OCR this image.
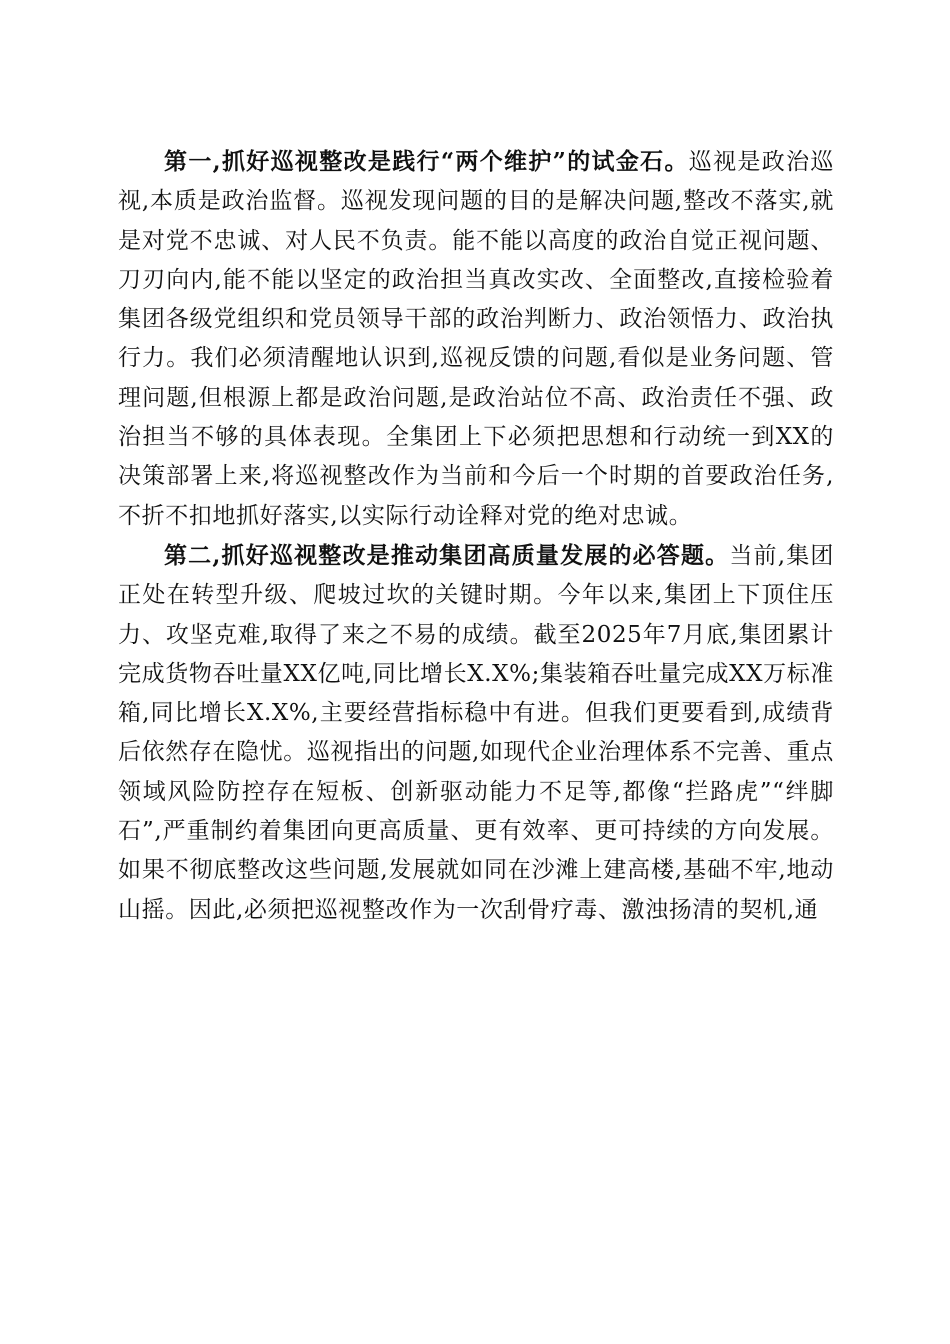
第一,抓好巡视整改是践行“两个维护”的试金石。巡视是政治巡视,本质是政治监督。巡视发现问题的目的是解决问题,整改不落实,就是对党不忠诚、对人民不负责。能不能以高度的政治自觉正视问题、刀刃向内,能不能以坚定的政治担当真改实改、全面整改,直接检验着集团各级党组织和党员领导干部的政治判断力、政治领悟力、政治执行力。我们必须清醒地认识到,巡视反馈的问题,看似是业务问题、管理问题,但根源上都是政治问题,是政治站位不高、政治责任不强、政治担当不够的具体表现。全集团上下必须把思想和行动统一到XX的决策部署上来,将巡视整改作为当前和今后一个时期的首要政治任务,不折不扣地抓好落实,以实际行动诠释对党的绝对忠诚。

第二,抓好巡视整改是推动集团高质量发展的必答题。当前,集团正处在转型升级、爬坡过坎的关键时期。今年以来,集团上下顶住压力、攻坚克难,取得了来之不易的成绩。截至2025年7月底,集团累计完成货物吞吐量XX亿吨,同比增长X.X%;集装箱吞吐量完成XX万标准箱,同比增长X.X%,主要经营指标稳中有进。但我们更要看到,成绩背后依然存在隐忧。巡视指出的问题,如现代企业治理体系不完善、重点领域风险防控存在短板、创新驱动能力不足等,都像“拦路虎”“绊脚石”,严重制约着集团向更高质量、更有效率、更可持续的方向发展。如果不彻底整改这些问题,发展就如同在沙滩上建高楼,基础不牢,地动山摇。因此,必须把巡视整改作为一次刮骨疗毒、激浊扬清的契机,通
